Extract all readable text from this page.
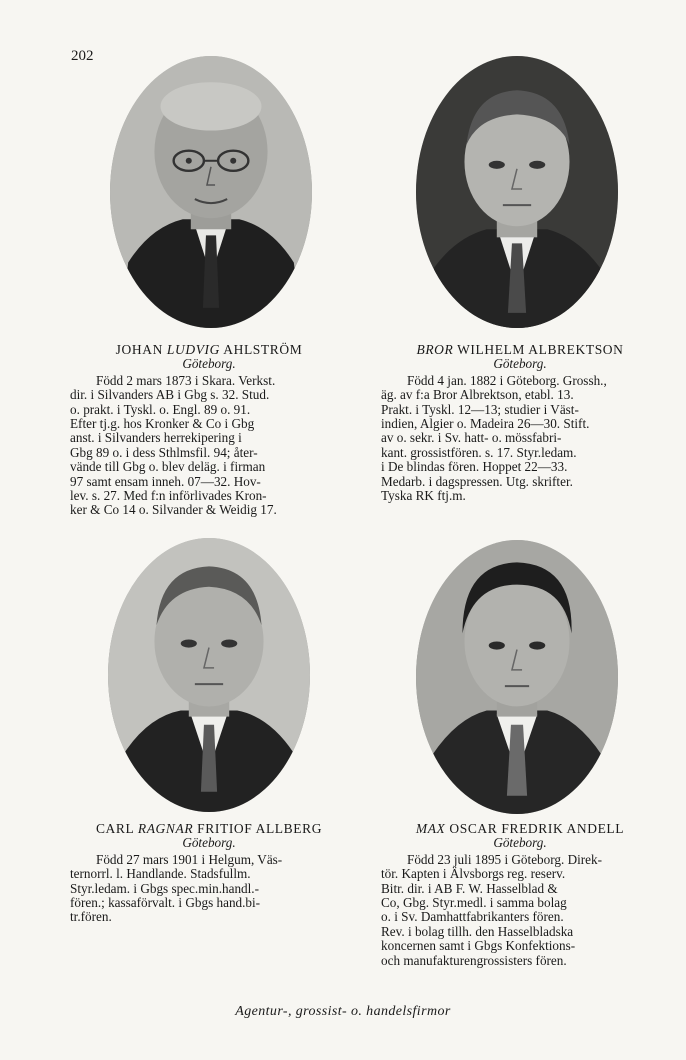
202
JOHAN LUDVIG AHLSTRÖM
Göteborg.

Född 2 mars 1873 i Skara. Verkst.

dir. i Silvanders AB i Gbg s. 32. Stud.

o. prakt. i Tyskl. o. Engl. 89 o. 91.

Efter tj.g. hos Kronker & Co i Gbg

anst. i Silvanders herrekipering i

Gbg 89 o. i dess Sthlmsfil. 94; åter-

vände till Gbg o. blev deläg. i firman

97 samt ensam inneh. 07—32. Hov-

lev. s. 27. Med f:n införlivades Kron-

ker & Co 14 o. Silvander & Weidig 17.

BROR WILHELM ALBREKTSON
Göteborg.

Född 4 jan. 1882 i Göteborg. Grossh.,

äg. av f:a Bror Albrektson, etabl. 13.

Prakt. i Tyskl. 12—13; studier i Väst-

indien, Algier o. Madeira 26—30. Stift.

av o. sekr. i Sv. hatt- o. mössfabri-

kant. grossistfören. s. 17. Styr.ledam.

i De blindas fören. Hoppet 22—33.

Medarb. i dagspressen. Utg. skrifter.

Tyska RK ftj.m.

CARL RAGNAR FRITIOF ALLBERG
Göteborg.

Född 27 mars 1901 i Helgum, Väs-

ternorrl. l. Handlande. Stadsfullm.

Styr.ledam. i Gbgs spec.min.handl.-

fören.; kassaförvalt. i Gbgs hand.bi-

tr.fören.

MAX OSCAR FREDRIK ANDELL
Göteborg.

Född 23 juli 1895 i Göteborg. Direk-

tör. Kapten i Älvsborgs reg. reserv.

Bitr. dir. i AB F. W. Hasselblad &

Co, Gbg. Styr.medl. i samma bolag

o. i Sv. Damhattfabrikanters fören.

Rev. i bolag tillh. den Hasselbladska

koncernen samt i Gbgs Konfektions-

och manufakturengrossisters fören.

Agentur-, grossist- o. handelsfirmor
